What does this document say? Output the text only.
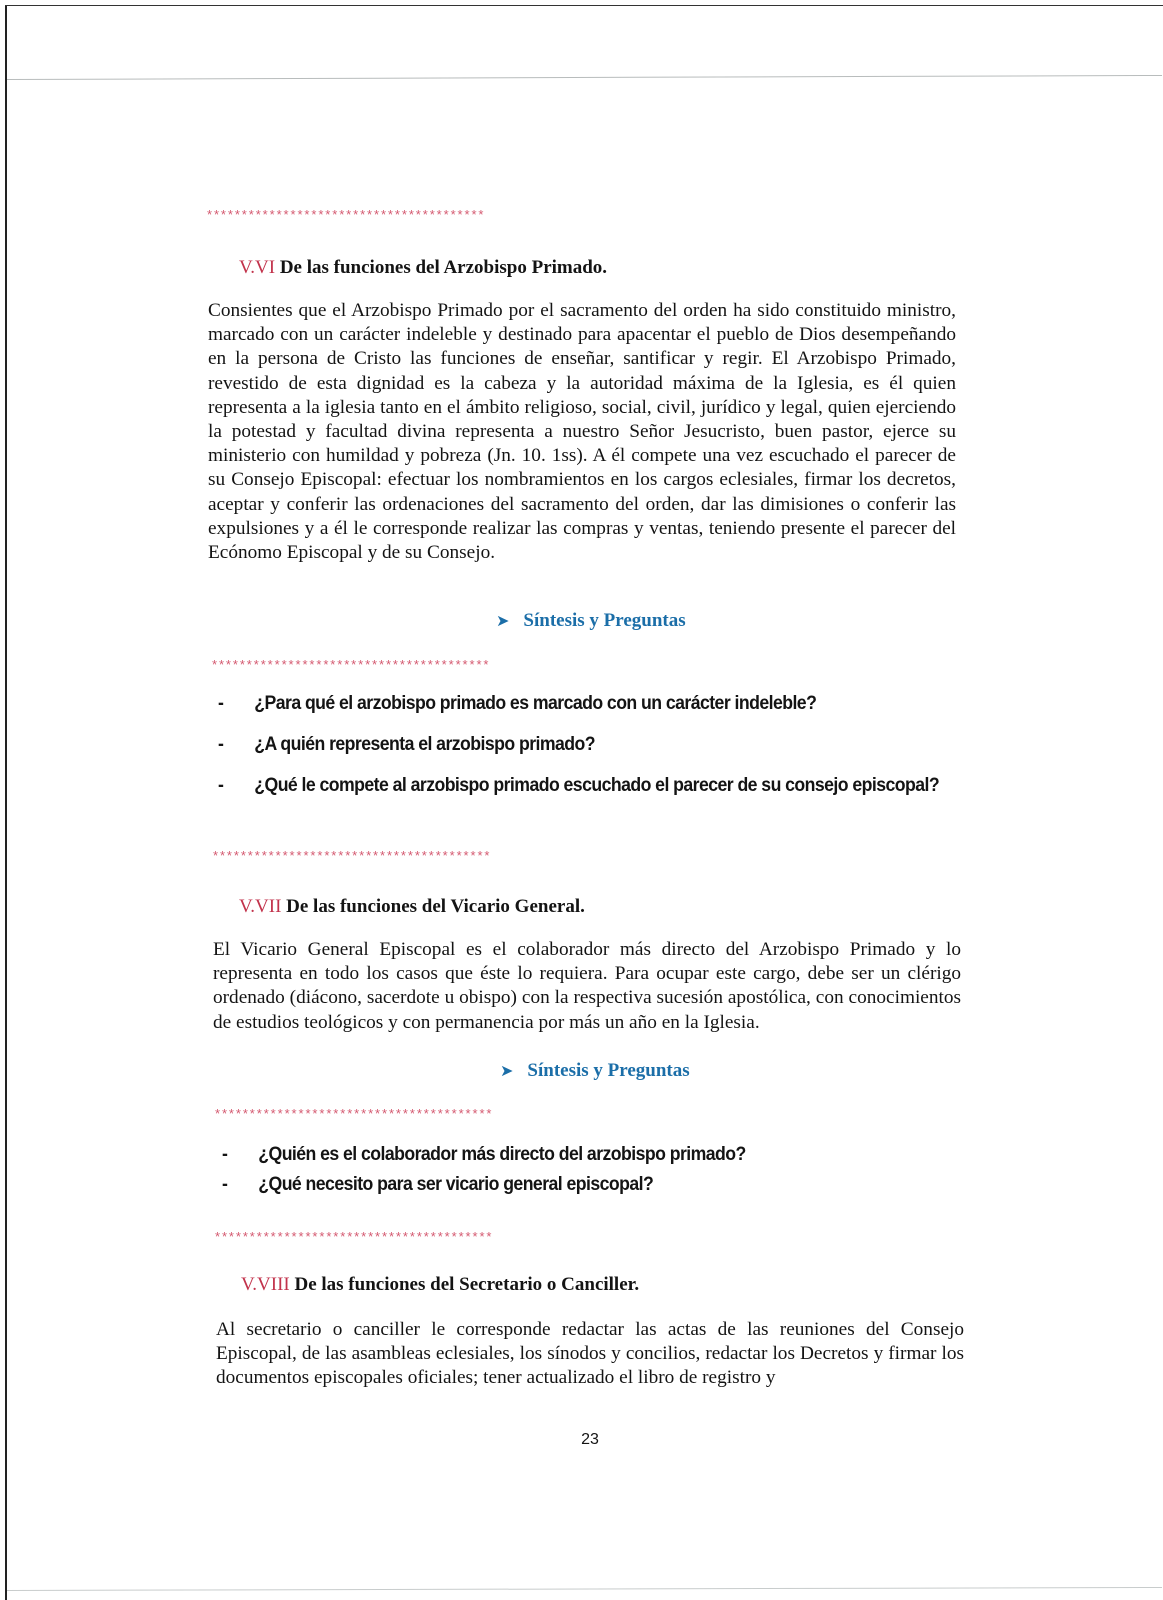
****************************************
V.VI De las funciones del Arzobispo Primado.
Consientes que el Arzobispo Primado por el sacramento del orden ha sido constituido ministro, marcado con un carácter indeleble y destinado para apacentar el pueblo de Dios desempeñando en la persona de Cristo las funciones de enseñar, santificar y regir. El Arzobispo Primado, revestido de esta dignidad es la cabeza y la autoridad máxima de la Iglesia, es él quien representa a la iglesia tanto en el ámbito religioso, social, civil, jurídico y legal, quien ejerciendo la potestad y facultad divina representa a nuestro Señor Jesucristo, buen pastor, ejerce su ministerio con humildad y pobreza (Jn. 10. 1ss). A él compete una vez escuchado el parecer de su Consejo Episcopal: efectuar los nombramientos en los cargos eclesiales, firmar los decretos, aceptar y conferir las ordenaciones del sacramento del orden, dar las dimisiones o conferir las expulsiones y a él le corresponde realizar las compras y ventas, teniendo presente el parecer del Ecónomo Episcopal y de su Consejo.
➤ Síntesis y Preguntas
****************************************
-	¿Para qué el arzobispo primado es marcado con un carácter indeleble?
-	¿A quién representa el arzobispo primado?
-	¿Qué le compete al arzobispo primado escuchado el parecer de su consejo episcopal?
****************************************
V.VII De las funciones del Vicario General.
El Vicario General Episcopal es el colaborador más directo del Arzobispo Primado y lo representa en todo los casos que éste lo requiera. Para ocupar este cargo, debe ser un clérigo ordenado (diácono, sacerdote u obispo) con la respectiva sucesión apostólica, con conocimientos de estudios teológicos y con permanencia por más un año en la Iglesia.
➤ Síntesis y Preguntas
****************************************
-	¿Quién es el colaborador más directo del arzobispo primado?
-	¿Qué necesito para ser vicario general episcopal?
****************************************
V.VIII De las funciones del Secretario o Canciller.
Al secretario o canciller le corresponde redactar las actas de las reuniones del Consejo Episcopal, de las asambleas eclesiales, los sínodos y concilios, redactar los Decretos y firmar los documentos episcopales oficiales; tener actualizado el libro de registro y
23
